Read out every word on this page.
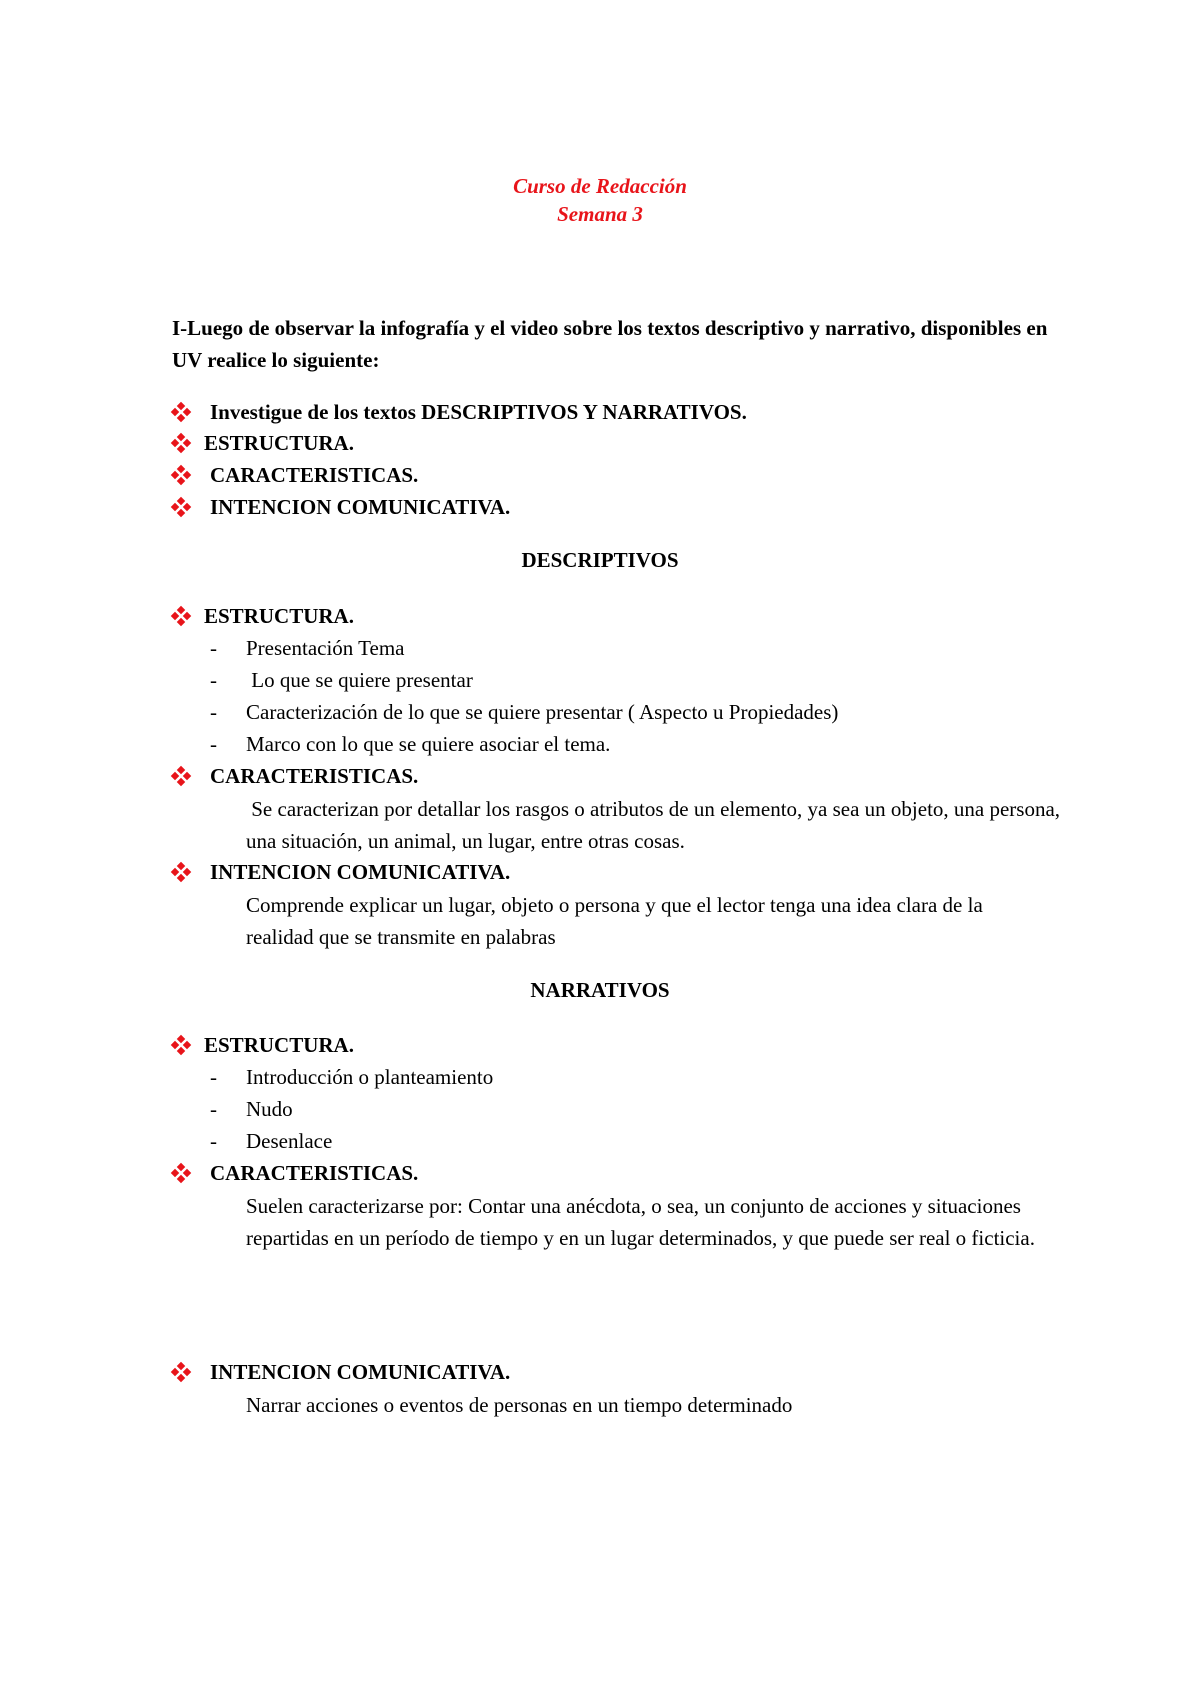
Curso de Redacción
Semana 3
I-Luego de observar la infografía y el video sobre los textos descriptivo y narrativo, disponibles en UV realice lo siguiente:
Investigue de los textos DESCRIPTIVOS Y NARRATIVOS.
ESTRUCTURA.
CARACTERISTICAS.
INTENCION COMUNICATIVA.
DESCRIPTIVOS
ESTRUCTURA.
- Presentación Tema
- Lo que se quiere presentar
- Caracterización de lo que se quiere presentar ( Aspecto u Propiedades)
- Marco con lo que se quiere asociar el tema.
CARACTERISTICAS.
Se caracterizan por detallar los rasgos o atributos de un elemento, ya sea un objeto, una persona, una situación, un animal, un lugar, entre otras cosas.
INTENCION COMUNICATIVA.
Comprende explicar un lugar, objeto o persona y que el lector tenga una idea clara de la realidad que se transmite en palabras
NARRATIVOS
ESTRUCTURA.
- Introducción o planteamiento
- Nudo
- Desenlace
CARACTERISTICAS.
Suelen caracterizarse por: Contar una anécdota, o sea, un conjunto de acciones y situaciones repartidas en un período de tiempo y en un lugar determinados, y que puede ser real o ficticia.
INTENCION COMUNICATIVA.
Narrar acciones o eventos de personas en un tiempo determinado
